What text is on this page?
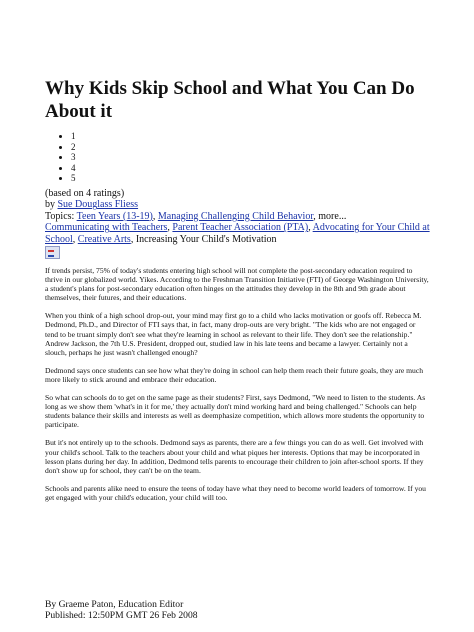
Why Kids Skip School and What You Can Do About it
• 1
• 2
• 3
• 4
• 5
(based on 4 ratings)
by Sue Douglass Fliess
Topics: Teen Years (13-19), Managing Challenging Child Behavior, more...
Communicating with Teachers, Parent Teacher Association (PTA), Advocating for Your Child at School, Creative Arts, Increasing Your Child's Motivation

If trends persist, 75% of today's students entering high school will not complete the post-secondary education required to thrive in our globalized world. Yikes. According to the Freshman Transition Initiative (FTI) of George Washington University, a student's plans for post-secondary education often hinges on the attitudes they develop in the 8th and 9th grade about themselves, their futures, and their educations.

When you think of a high school drop-out, your mind may first go to a child who lacks motivation or goofs off. Rebecca M. Dedmond, Ph.D., and Director of FTI says that, in fact, many drop-outs are very bright. "The kids who are not engaged or tend to be truant simply don't see what they're learning in school as relevant to their life. They don't see the relationship." Andrew Jackson, the 7th U.S. President, dropped out, studied law in his late teens and became a lawyer. Certainly not a slouch, perhaps he just wasn't challenged enough?

Dedmond says once students can see how what they're doing in school can help them reach their future goals, they are much more likely to stick around and embrace their education.

So what can schools do to get on the same page as their students? First, says Dedmond, "We need to listen to the students. As long as we show them 'what's in it for me,' they actually don't mind working hard and being challenged." Schools can help students balance their skills and interests as well as deemphasize competition, which allows more students the opportunity to participate.

But it's not entirely up to the schools. Dedmond says as parents, there are a few things you can do as well. Get involved with your child's school. Talk to the teachers about your child and what piques her interests. Options that may be incorporated in lesson plans during her day. In addition, Dedmond tells parents to encourage their children to join after-school sports. If they don't show up for school, they can't be on the team.

Schools and parents alike need to ensure the teens of today have what they need to become world leaders of tomorrow. If you get engaged with your child's education, your child will too.

By Graeme Paton, Education Editor
Published: 12:50PM GMT 26 Feb 2008
